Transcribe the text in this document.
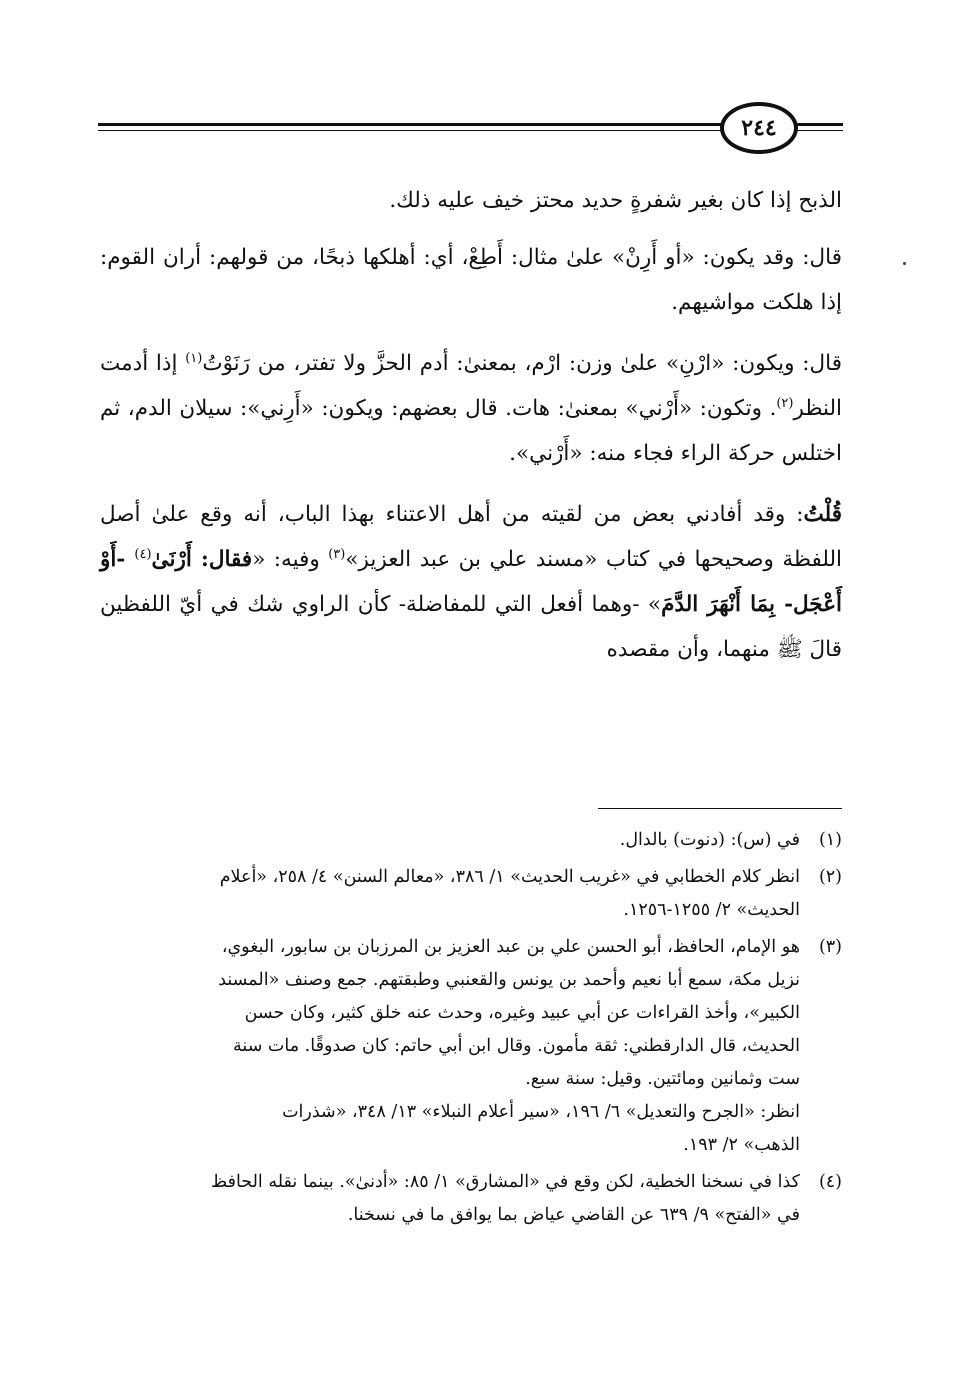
٢٤٤

الذبح إذا كان بغير شفرةٍ حديد محتز خيف عليه ذلك.

قال: وقد يكون: «أو أَرِنْ» علىٰ مثال: أَطِعْ، أي: أهلكها ذبحًا، من قولهم: أران القوم: إذا هلكت مواشيهم.

قال: ويكون: «ارْنِ» علىٰ وزن: ارْم، بمعنىٰ: أدم الحزَّ ولا تفتر، من رَنَوْتُ$^{(١)}$ إذا أدمت النظر$^{(٢)}$. وتكون: «أَرْني» بمعنىٰ: هات. قال بعضهم: ويكون: «أَرِني»: سيلان الدم، ثم اختلس حركة الراء فجاء منه: «أَرْني».

قُلْتُ: وقد أفادني بعض من لقيته من أهل الاعتناء بهذا الباب، أنه وقع علىٰ أصل اللفظة وصحيحها في كتاب «مسند علي بن عبد العزيز»$^{(٣)}$ وفيه: «فقال: أَرْنَىٰ$^{(٤)}$ -أَوْ أَعْجَل- بِمَا أَنْهَرَ الدَّمَ» -وهما أفعل التي للمفاضلة- كأن الراوي شك في أيّ اللفظين قالَ ﷺ منهما، وأن مقصده

(١)
في (س): (دنوت) بالدال.
(٢)
انظر كلام الخطابي في «غريب الحديث» ١/ ٣٨٦، «معالم السنن» ٤/ ٢٥٨، «أعلام
الحديث» ٢/ ١٢٥٥-١٢٥٦.
(٣)
هو الإمام، الحافظ، أبو الحسن علي بن عبد العزيز بن المرزبان بن سابور، البغوي،
نزيل مكة، سمع أبا نعيم وأحمد بن يونس والقعنبي وطبقتهم. جمع وصنف «المسند
الكبير»، وأخذ القراءات عن أبي عبيد وغيره، وحدث عنه خلق كثير، وكان حسن
الحديث، قال الدارقطني: ثقة مأمون. وقال ابن أبي حاتم: كان صدوقًا. مات سنة
ست وثمانين ومائتين. وقيل: سنة سبع.
انظر: «الجرح والتعديل» ٦/ ١٩٦، «سير أعلام النبلاء» ١٣/ ٣٤٨، «شذرات
الذهب» ٢/ ١٩٣.
(٤)
كذا في نسخنا الخطية، لكن وقع في «المشارق» ١/ ٨٥: «أدنىٰ». بينما نقله الحافظ
في «الفتح» ٩/ ٦٣٩ عن القاضي عياض بما يوافق ما في نسخنا.
